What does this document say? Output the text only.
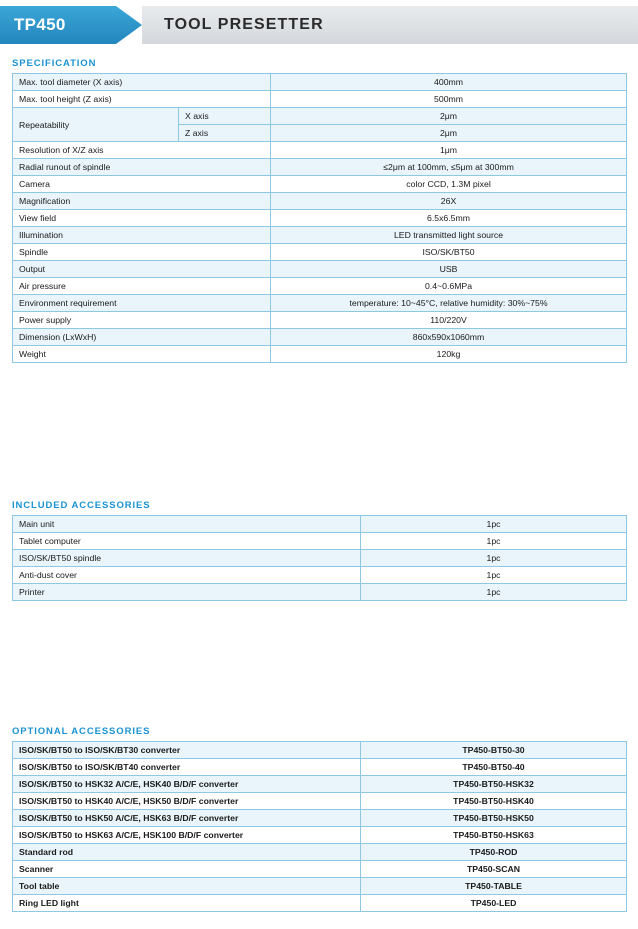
TP450	TOOL PRESETTER
SPECIFICATION
Max. tool diameter (X axis)		400mm
Max. tool height (Z axis)		500mm
Repeatability	X axis	2μm
	Z axis	2μm
Resolution of X/Z axis		1μm
Radial runout of spindle		≤2μm at 100mm, ≤5μm at 300mm
Camera		color CCD, 1.3M pixel
Magnification		26X
View field		6.5x6.5mm
Illumination		LED transmitted light source
Spindle		ISO/SK/BT50
Output		USB
Air pressure		0.4~0.6MPa
Environment requirement		temperature: 10~45°C, relative humidity: 30%~75%
Power supply		110/220V
Dimension (LxWxH)		860x590x1060mm
Weight		120kg
INCLUDED ACCESSORIES
Main unit	1pc
Tablet computer	1pc
ISO/SK/BT50 spindle	1pc
Anti-dust cover	1pc
Printer	1pc
OPTIONAL ACCESSORIES
ISO/SK/BT50 to ISO/SK/BT30 converter	TP450-BT50-30
ISO/SK/BT50 to ISO/SK/BT40 converter	TP450-BT50-40
ISO/SK/BT50 to HSK32 A/C/E, HSK40 B/D/F converter	TP450-BT50-HSK32
ISO/SK/BT50 to HSK40 A/C/E, HSK50 B/D/F converter	TP450-BT50-HSK40
ISO/SK/BT50 to HSK50 A/C/E, HSK63 B/D/F converter	TP450-BT50-HSK50
ISO/SK/BT50 to HSK63 A/C/E, HSK100 B/D/F converter	TP450-BT50-HSK63
Standard rod	TP450-ROD
Scanner	TP450-SCAN
Tool table	TP450-TABLE
Ring LED light	TP450-LED
